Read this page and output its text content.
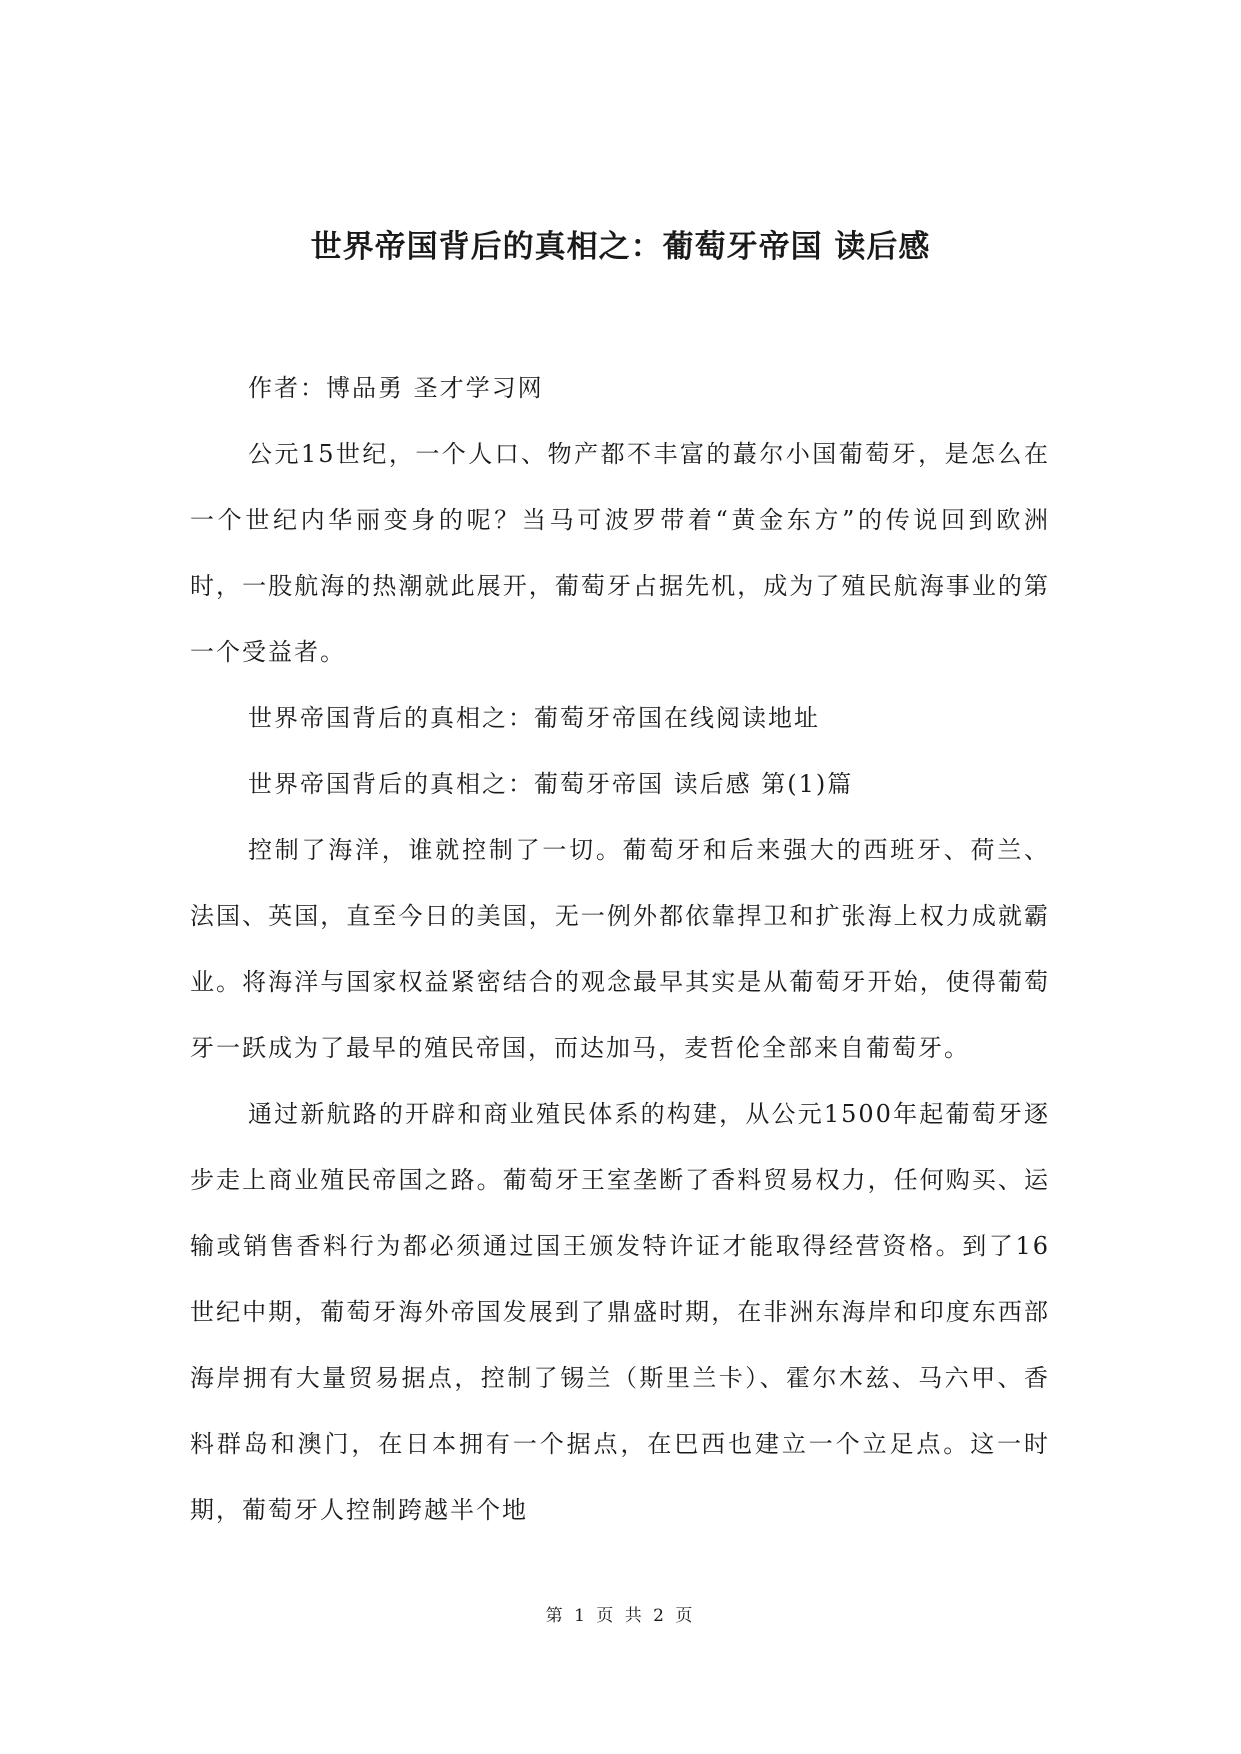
世界帝国背后的真相之：葡萄牙帝国 读后感

作者：博品勇 圣才学习网

公元15世纪，一个人口、物产都不丰富的蕞尔小国葡萄牙，是怎么在一个世纪内华丽变身的呢？当马可波罗带着“黄金东方”的传说回到欧洲时，一股航海的热潮就此展开，葡萄牙占据先机，成为了殖民航海事业的第一个受益者。

世界帝国背后的真相之：葡萄牙帝国在线阅读地址

世界帝国背后的真相之：葡萄牙帝国 读后感 第(1)篇

控制了海洋，谁就控制了一切。葡萄牙和后来强大的西班牙、荷兰、法国、英国，直至今日的美国，无一例外都依靠捍卫和扩张海上权力成就霸业。将海洋与国家权益紧密结合的观念最早其实是从葡萄牙开始，使得葡萄牙一跃成为了最早的殖民帝国，而达加马，麦哲伦全部来自葡萄牙。

通过新航路的开辟和商业殖民体系的构建，从公元1500年起葡萄牙逐步走上商业殖民帝国之路。葡萄牙王室垄断了香料贸易权力，任何购买、运输或销售香料行为都必须通过国王颁发特许证才能取得经营资格。到了16世纪中期，葡萄牙海外帝国发展到了鼎盛时期，在非洲东海岸和印度东西部海岸拥有大量贸易据点，控制了锡兰（斯里兰卡）、霍尔木兹、马六甲、香料群岛和澳门，在日本拥有一个据点，在巴西也建立一个立足点。这一时期，葡萄牙人控制跨越半个地

第 1 页 共 2 页
